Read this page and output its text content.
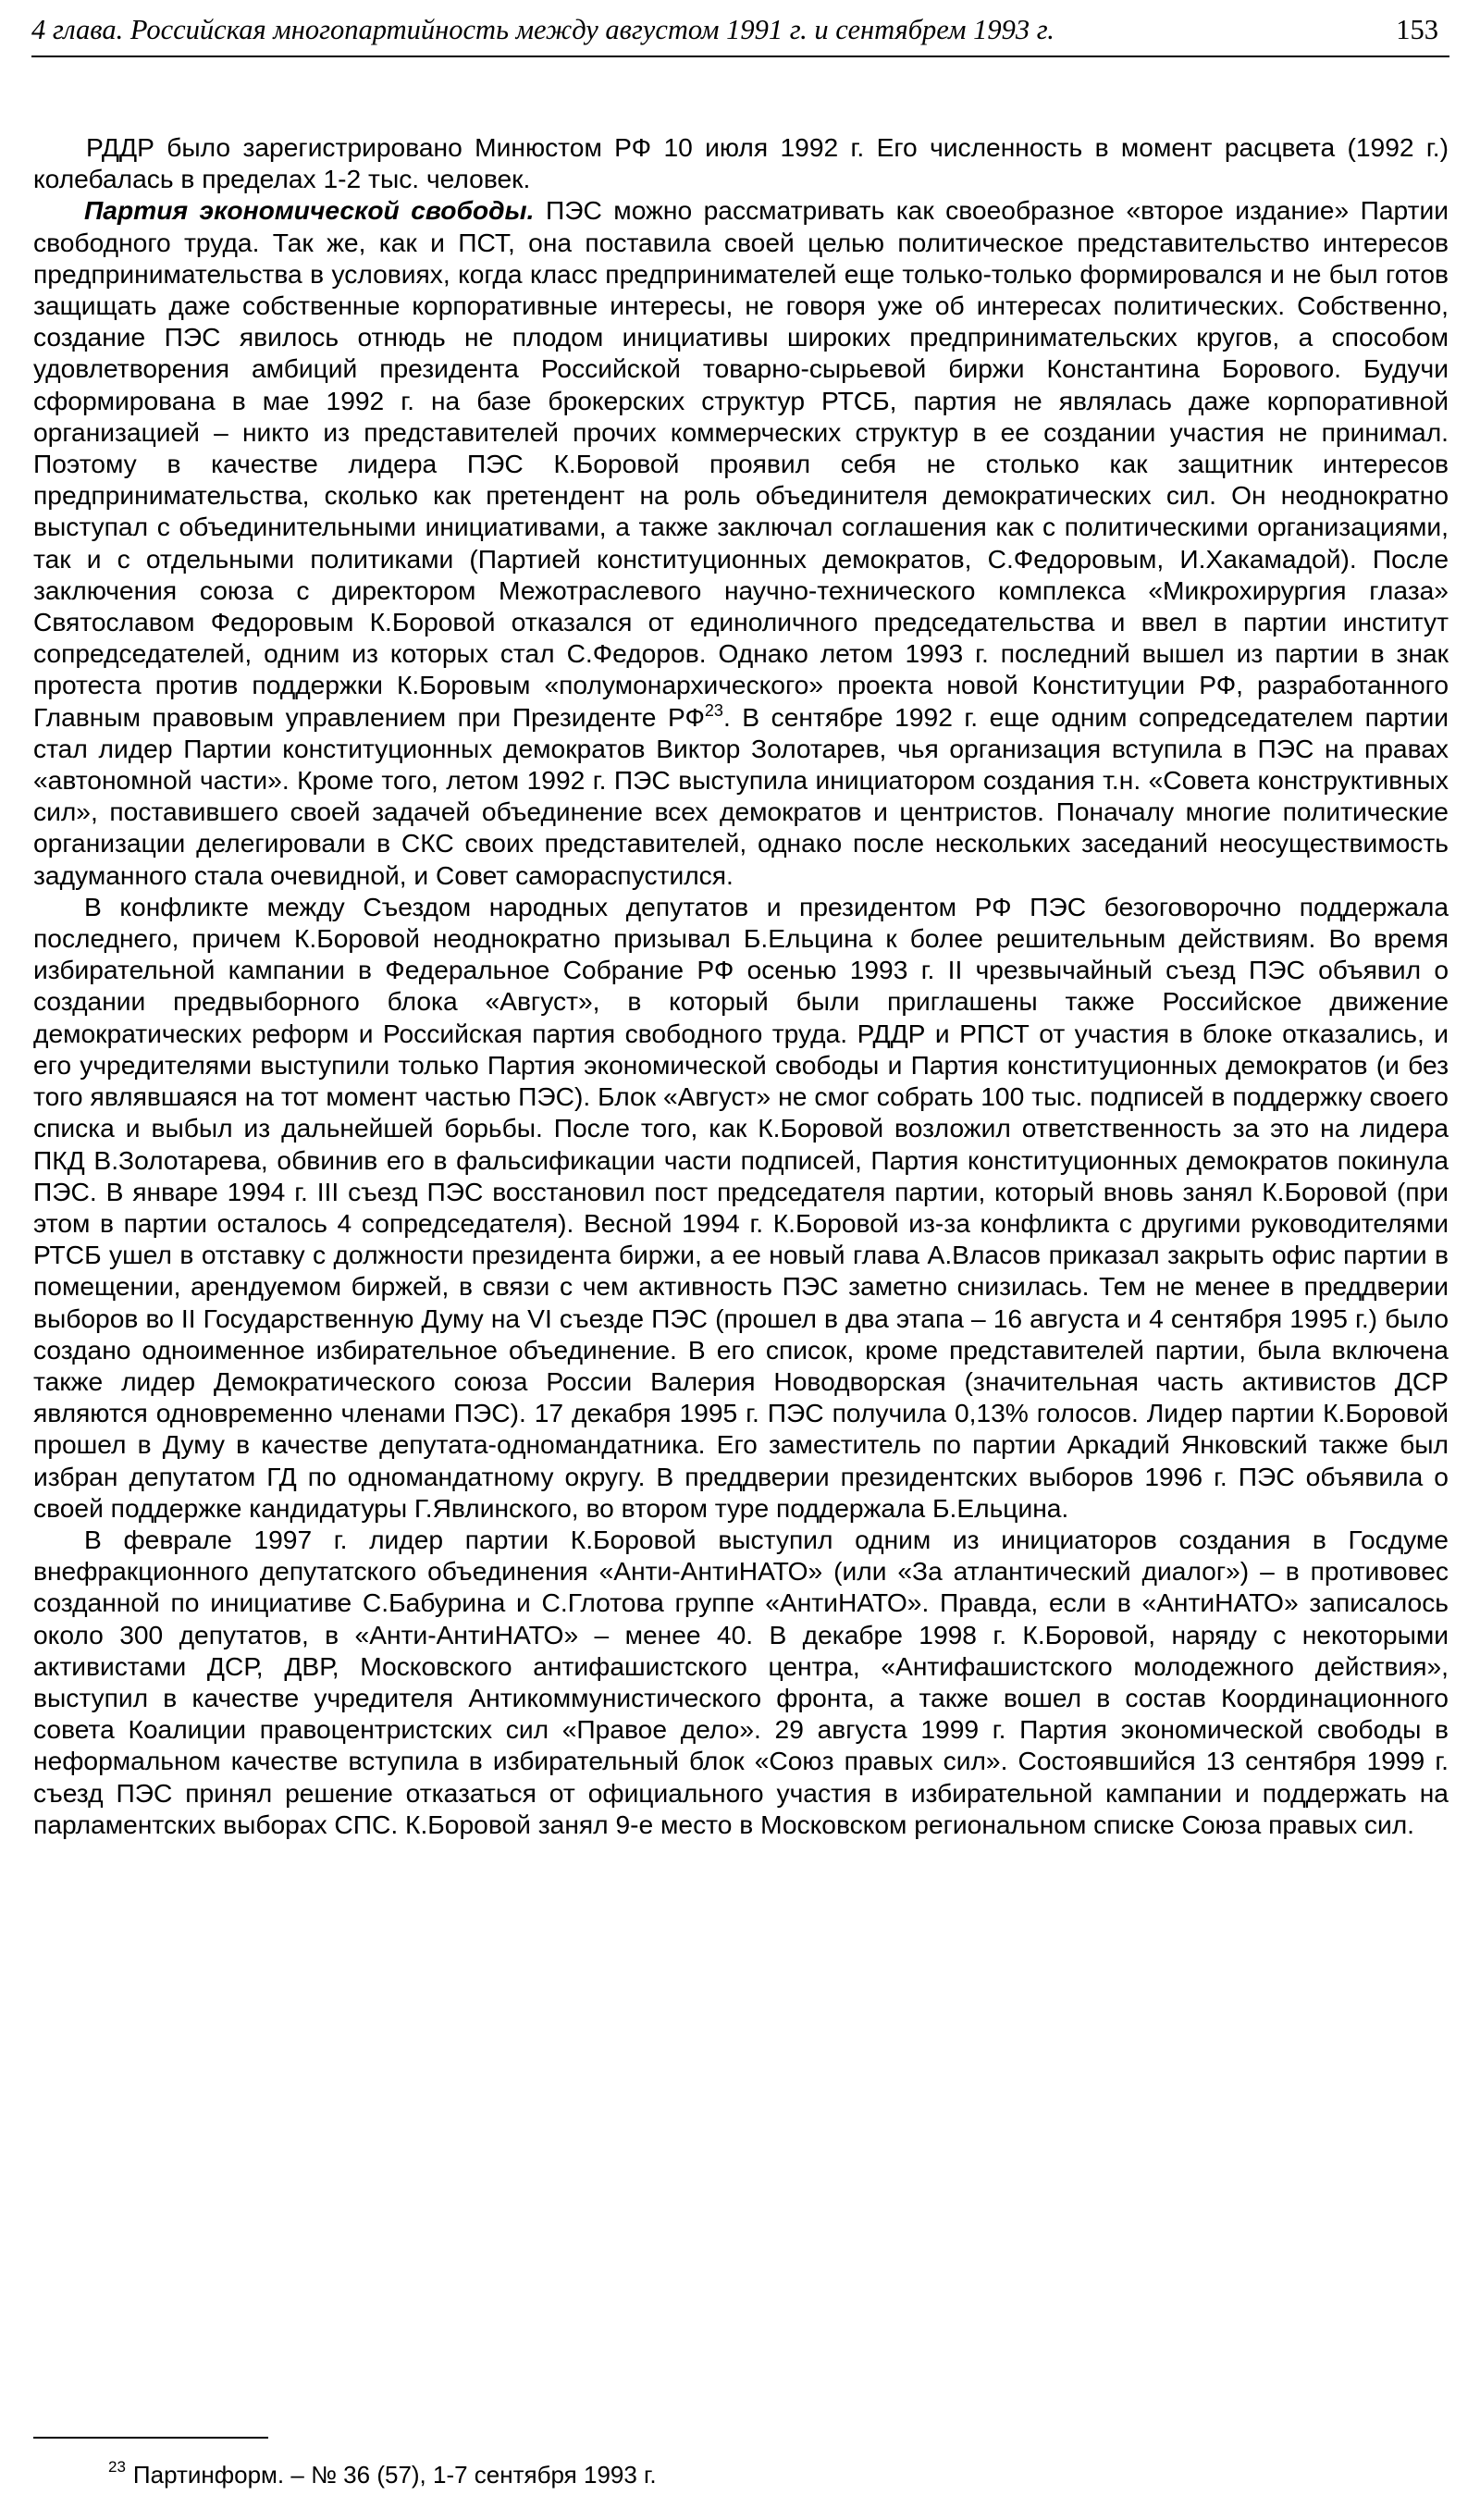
4 глава. Российская многопартийность между августом 1991 г. и сентябрем 1993 г.	153

РДДР было зарегистрировано Минюстом РФ 10 июля 1992 г. Его численность в момент расцвета (1992 г.) колебалась в пределах 1-2 тыс. человек.

Партия экономической свободы. ПЭС можно рассматривать как своеобразное «второе издание» Партии свободного труда. Так же, как и ПСТ, она поставила своей целью политическое представительство интересов предпринимательства в условиях, когда класс предпринимателей еще только-только формировался и не был готов защищать даже собственные корпоративные интересы, не говоря уже об интересах политических. Собственно, создание ПЭС явилось отнюдь не плодом инициативы широких предпринимательских кругов, а способом удовлетворения амбиций президента Российской товарно-сырьевой биржи Константина Борового. Будучи сформирована в мае 1992 г. на базе брокерских структур РТСБ, партия не являлась даже корпоративной организацией – никто из представителей прочих коммерческих структур в ее создании участия не принимал. Поэтому в качестве лидера ПЭС К.Боровой проявил себя не столько как защитник интересов предпринимательства, сколько как претендент на роль объединителя демократических сил. Он неоднократно выступал с объединительными инициативами, а также заключал соглашения как с политическими организациями, так и с отдельными политиками (Партией конституционных демократов, С.Федоровым, И.Хакамадой). После заключения союза с директором Межотраслевого научно-технического комплекса «Микрохирургия глаза» Святославом Федоровым К.Боровой отказался от единоличного председательства и ввел в партии институт сопредседателей, одним из которых стал С.Федоров. Однако летом 1993 г. последний вышел из партии в знак протеста против поддержки К.Боровым «полумонархического» проекта новой Конституции РФ, разработанного Главным правовым управлением при Президенте РФ$^{23}$. В сентябре 1992 г. еще одним сопредседателем партии стал лидер Партии конституционных демократов Виктор Золотарев, чья организация вступила в ПЭС на правах «автономной части». Кроме того, летом 1992 г. ПЭС выступила инициатором создания т.н. «Совета конструктивных сил», поставившего своей задачей объединение всех демократов и центристов. Поначалу многие политические организации делегировали в СКС своих представителей, однако после нескольких заседаний неосуществимость задуманного стала очевидной, и Совет самораспустился.

В конфликте между Съездом народных депутатов и президентом РФ ПЭС безоговорочно поддержала последнего, причем К.Боровой неоднократно призывал Б.Ельцина к более решительным действиям. Во время избирательной кампании в Федеральное Собрание РФ осенью 1993 г. II чрезвычайный съезд ПЭС объявил о создании предвыборного блока «Август», в который были приглашены также Российское движение демократических реформ и Российская партия свободного труда. РДДР и РПСТ от участия в блоке отказались, и его учредителями выступили только Партия экономической свободы и Партия конституционных демократов (и без того являвшаяся на тот момент частью ПЭС). Блок «Август» не смог собрать 100 тыс. подписей в поддержку своего списка и выбыл из дальнейшей борьбы. После того, как К.Боровой возложил ответственность за это на лидера ПКД В.Золотарева, обвинив его в фальсификации части подписей, Партия конституционных демократов покинула ПЭС. В январе 1994 г. III съезд ПЭС восстановил пост председателя партии, который вновь занял К.Боровой (при этом в партии осталось 4 сопредседателя). Весной 1994 г. К.Боровой из-за конфликта с другими руководителями РТСБ ушел в отставку с должности президента биржи, а ее новый глава А.Власов приказал закрыть офис партии в помещении, арендуемом биржей, в связи с чем активность ПЭС заметно снизилась. Тем не менее в преддверии выборов во II Государственную Думу на VI съезде ПЭС (прошел в два этапа – 16 августа и 4 сентября 1995 г.) было создано одноименное избирательное объединение. В его список, кроме представителей партии, была включена также лидер Демократического союза России Валерия Новодворская (значительная часть активистов ДСР являются одновременно членами ПЭС). 17 декабря 1995 г. ПЭС получила 0,13% голосов. Лидер партии К.Боровой прошел в Думу в качестве депутата-одномандатника. Его заместитель по партии Аркадий Янковский также был избран депутатом ГД по одномандатному округу. В преддверии президентских выборов 1996 г. ПЭС объявила о своей поддержке кандидатуры Г.Явлинского, во втором туре поддержала Б.Ельцина.

В феврале 1997 г. лидер партии К.Боровой выступил одним из инициаторов создания в Госдуме внефракционного депутатского объединения «Анти-АнтиНАТО» (или «За атлантический диалог») – в противовес созданной по инициативе С.Бабурина и С.Глотова группе «АнтиНАТО». Правда, если в «АнтиНАТО» записалось около 300 депутатов, в «Анти-АнтиНАТО» – менее 40. В декабре 1998 г. К.Боровой, наряду с некоторыми активистами ДСР, ДВР, Московского антифашистского центра, «Антифашистского молодежного действия», выступил в качестве учредителя Антикоммунистического фронта, а также вошел в состав Координационного совета Коалиции правоцентристских сил «Правое дело». 29 августа 1999 г. Партия экономической свободы в неформальном качестве вступила в избирательный блок «Союз правых сил». Состоявшийся 13 сентября 1999 г. съезд ПЭС принял решение отказаться от официального участия в избирательной кампании и поддержать на парламентских выборах СПС. К.Боровой занял 9-е место в Московском региональном списке Союза правых сил.

$^{23}$ Партинформ. – № 36 (57), 1-7 сентября 1993 г.
